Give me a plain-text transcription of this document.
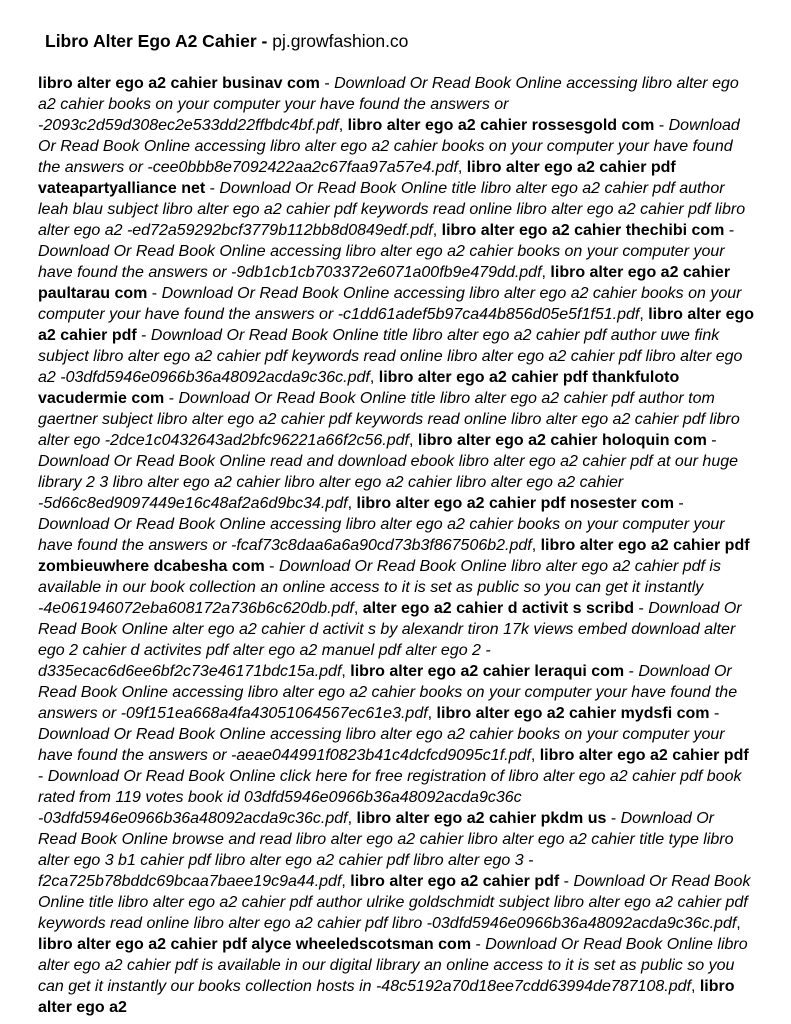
Libro Alter Ego A2 Cahier - pj.growfashion.co

libro alter ego a2 cahier businav com - Download Or Read Book Online accessing libro alter ego a2 cahier books on your computer your have found the answers or -2093c2d59d308ec2e533dd22ffbdc4bf.pdf, libro alter ego a2 cahier rossesgold com - Download Or Read Book Online accessing libro alter ego a2 cahier books on your computer your have found the answers or -cee0bbb8e7092422aa2c67faa97a57e4.pdf, libro alter ego a2 cahier pdf vateapartyalliance net - Download Or Read Book Online title libro alter ego a2 cahier pdf author leah blau subject libro alter ego a2 cahier pdf keywords read online libro alter ego a2 cahier pdf libro alter ego a2 -ed72a59292bcf3779b112bb8d0849edf.pdf, libro alter ego a2 cahier thechibi com - Download Or Read Book Online accessing libro alter ego a2 cahier books on your computer your have found the answers or -9db1cb1cb703372e6071a00fb9e479dd.pdf, libro alter ego a2 cahier paultarau com - Download Or Read Book Online accessing libro alter ego a2 cahier books on your computer your have found the answers or -c1dd61adef5b97ca44b856d05e5f1f51.pdf, libro alter ego a2 cahier pdf - Download Or Read Book Online title libro alter ego a2 cahier pdf author uwe fink subject libro alter ego a2 cahier pdf keywords read online libro alter ego a2 cahier pdf libro alter ego a2 -03dfd5946e0966b36a48092acda9c36c.pdf, libro alter ego a2 cahier pdf thankfuloto vacudermie com - Download Or Read Book Online title libro alter ego a2 cahier pdf author tom gaertner subject libro alter ego a2 cahier pdf keywords read online libro alter ego a2 cahier pdf libro alter ego -2dce1c0432643ad2bfc96221a66f2c56.pdf, libro alter ego a2 cahier holoquin com - Download Or Read Book Online read and download ebook libro alter ego a2 cahier pdf at our huge library 2 3 libro alter ego a2 cahier libro alter ego a2 cahier libro alter ego a2 cahier -5d66c8ed9097449e16c48af2a6d9bc34.pdf, libro alter ego a2 cahier pdf nosester com - Download Or Read Book Online accessing libro alter ego a2 cahier books on your computer your have found the answers or -fcaf73c8daa6a6a90cd73b3f867506b2.pdf, libro alter ego a2 cahier pdf zombieuwhere dcabesha com - Download Or Read Book Online libro alter ego a2 cahier pdf is available in our book collection an online access to it is set as public so you can get it instantly -4e061946072eba608172a736b6c620db.pdf, alter ego a2 cahier d activit s scribd - Download Or Read Book Online alter ego a2 cahier d activit s by alexandr tiron 17k views embed download alter ego 2 cahier d activites pdf alter ego a2 manuel pdf alter ego 2 -d335ecac6d6ee6bf2c73e46171bdc15a.pdf, libro alter ego a2 cahier leraqui com - Download Or Read Book Online accessing libro alter ego a2 cahier books on your computer your have found the answers or -09f151ea668a4fa43051064567ec61e3.pdf, libro alter ego a2 cahier mydsfi com - Download Or Read Book Online accessing libro alter ego a2 cahier books on your computer your have found the answers or -aeae044991f0823b41c4dcfcd9095c1f.pdf, libro alter ego a2 cahier pdf - Download Or Read Book Online click here for free registration of libro alter ego a2 cahier pdf book rated from 119 votes book id 03dfd5946e0966b36a48092acda9c36c -03dfd5946e0966b36a48092acda9c36c.pdf, libro alter ego a2 cahier pkdm us - Download Or Read Book Online browse and read libro alter ego a2 cahier libro alter ego a2 cahier title type libro alter ego 3 b1 cahier pdf libro alter ego a2 cahier pdf libro alter ego 3 -f2ca725b78bddc69bcaa7baee19c9a44.pdf, libro alter ego a2 cahier pdf - Download Or Read Book Online title libro alter ego a2 cahier pdf author ulrike goldschmidt subject libro alter ego a2 cahier pdf keywords read online libro alter ego a2 cahier pdf libro -03dfd5946e0966b36a48092acda9c36c.pdf, libro alter ego a2 cahier pdf alyce wheeledscotsman com - Download Or Read Book Online libro alter ego a2 cahier pdf is available in our digital library an online access to it is set as public so you can get it instantly our books collection hosts in -48c5192a70d18ee7cdd63994de787108.pdf, libro alter ego a2
